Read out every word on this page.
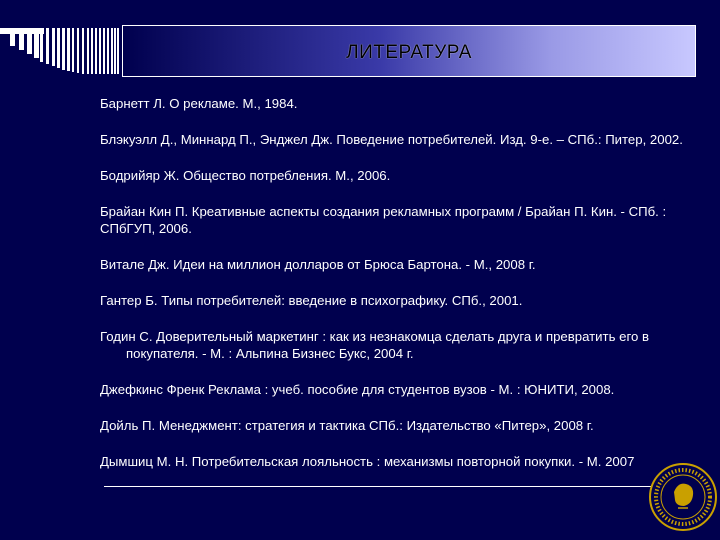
ЛИТЕРАТУРА

Барнетт Л. О рекламе. М., 1984.

Блэкуэлл Д., Миннард П., Энджел Дж. Поведение потребителей. Изд. 9-е. – СПб.: Питер, 2002.

Бодрийяр Ж. Общество потребления. М., 2006.

Брайан Кин П. Креативные аспекты создания рекламных программ / Брайан П. Кин. - СПб. : СПбГУП, 2006.

Витале Дж. Идеи на миллион долларов от Брюса Бартона. - М., 2008 г.

Гантер Б. Типы потребителей: введение в психографику. СПб., 2001.

Годин С. Доверительный маркетинг : как из незнакомца сделать друга и превратить его в покупателя. - М. : Альпина Бизнес Букс, 2004 г.

Джефкинс Френк Реклама : учеб. пособие для студентов вузов - М. : ЮНИТИ, 2008.

Дойль П. Менеджмент: стратегия и тактика СПб.: Издательство «Питер», 2008 г.

Дымшиц М. Н. Потребительская лояльность : механизмы повторной покупки. - М. 2007
